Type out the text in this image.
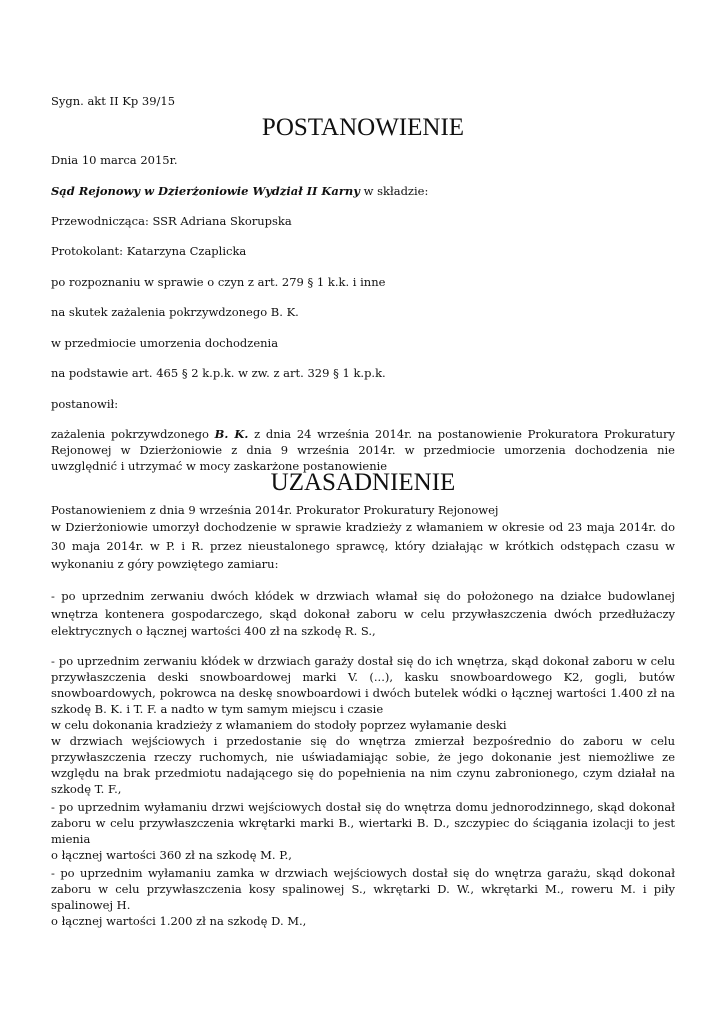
Sygn. akt II Kp 39/15

POSTANOWIENIE

Dnia 10 marca 2015r.

Sąd Rejonowy w Dzierżoniowie Wydział II Karny w składzie:

Przewodnicząca: SSR Adriana Skorupska

Protokolant: Katarzyna Czaplicka

po rozpoznaniu w sprawie o czyn z art. 279 § 1 k.k. i inne

na skutek zażalenia pokrzywdzonego B. K.

w przedmiocie umorzenia dochodzenia

na podstawie art. 465 § 2 k.p.k. w zw. z art. 329 § 1 k.p.k.

postanowił:

zażalenia pokrzywdzonego B. K. z dnia 24 września 2014r. na postanowienie Prokuratora Prokuratury Rejonowej w Dzierżoniowie z dnia 9 września 2014r. w przedmiocie umorzenia dochodzenia nie uwzględnić i utrzymać w mocy zaskarżone postanowienie

UZASADNIENIE

Postanowieniem z dnia 9 września 2014r. Prokurator Prokuratury Rejonowej
w Dzierżoniowie umorzył dochodzenie w sprawie kradzieży z włamaniem w okresie od 23 maja 2014r. do 30 maja 2014r. w P. i R. przez nieustalonego sprawcę, który działając w krótkich odstępach czasu w wykonaniu z góry powziętego zamiaru:

- po uprzednim zerwaniu dwóch kłódek w drzwiach włamał się do położonego na działce budowlanej wnętrza kontenera gospodarczego, skąd dokonał zaboru w celu przywłaszczenia dwóch przedłużaczy elektrycznych o łącznej wartości 400 zł na szkodę R. S.,

- po uprzednim zerwaniu kłódek w drzwiach garaży dostał się do ich wnętrza, skąd dokonał zaboru w celu przywłaszczenia deski snowboardowej marki V. (...), kasku snowboardowego K2, gogli, butów snowboardowych, pokrowca na deskę snowboardowi i dwóch butelek wódki o łącznej wartości 1.400 zł na szkodę B. K. i T. F. a nadto w tym samym miejscu i czasie
w celu dokonania kradzieży z włamaniem do stodoły poprzez wyłamanie deski
w drzwiach wejściowych i przedostanie się do wnętrza zmierzał bezpośrednio do zaboru w celu przywłaszczenia rzeczy ruchomych, nie uświadamiając sobie, że jego dokonanie jest niemożliwe ze względu na brak przedmiotu nadającego się do popełnienia na nim czynu zabronionego, czym działał na szkodę T. F.,

- po uprzednim wyłamaniu drzwi wejściowych dostał się do wnętrza domu jednorodzinnego, skąd dokonał zaboru w celu przywłaszczenia wkrętarki marki B., wiertarki B. D., szczypiec do ściągania izolacji to jest mienia
o łącznej wartości 360 zł na szkodę M. P.,

- po uprzednim wyłamaniu zamka w drzwiach wejściowych dostał się do wnętrza garażu, skąd dokonał zaboru w celu przywłaszczenia kosy spalinowej S., wkrętarki D. W., wkrętarki M., roweru M. i piły spalinowej H.
o łącznej wartości 1.200 zł na szkodę D. M.,
